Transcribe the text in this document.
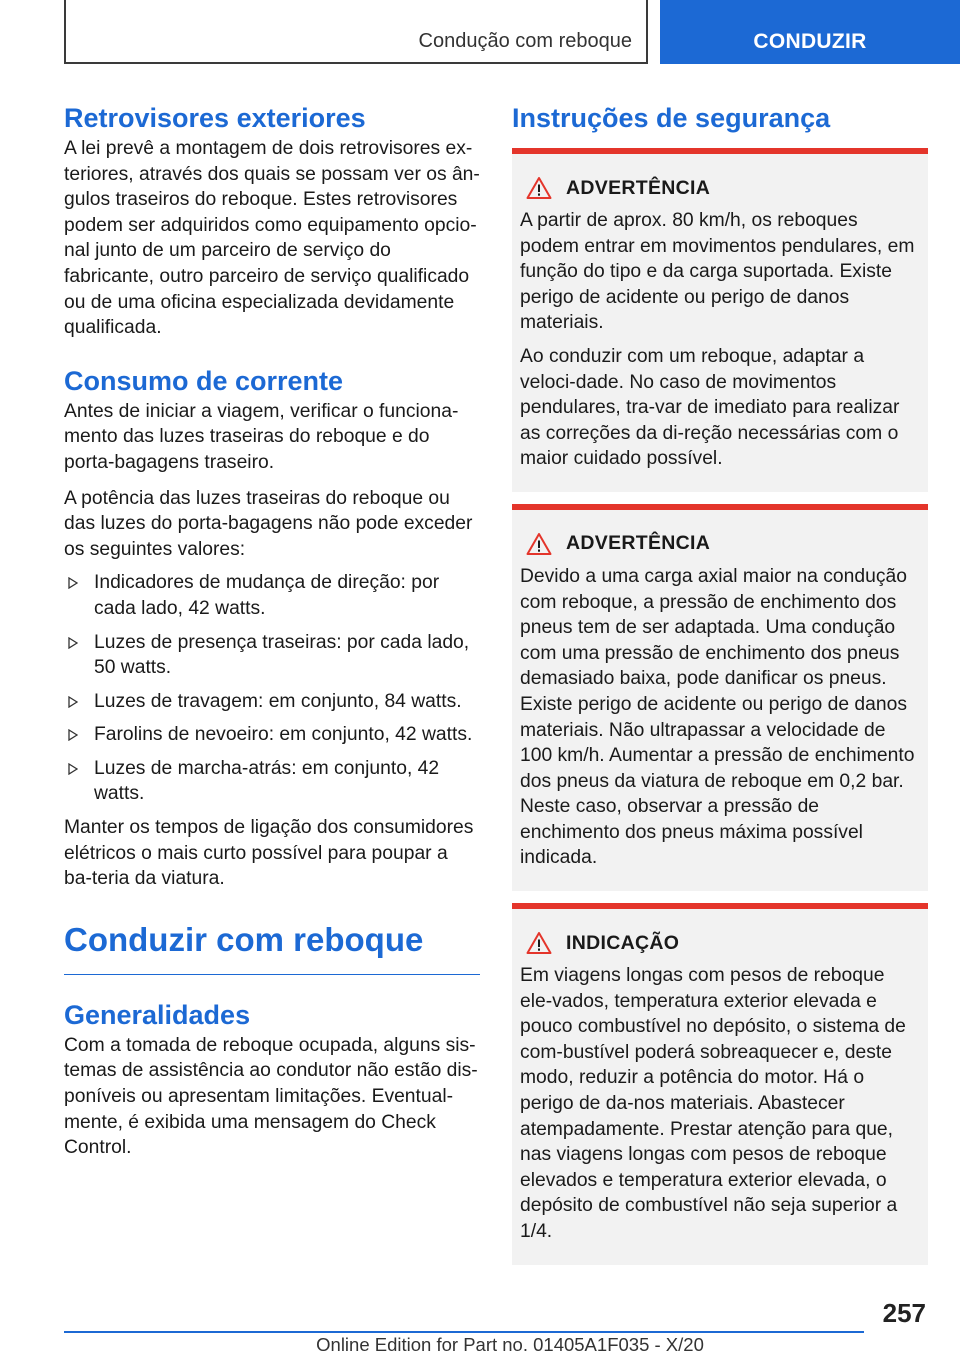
Condução com reboque	CONDUZIR
Retrovisores exteriores

A lei prevê a montagem de dois retrovisores ex-teriores, através dos quais se possam ver os ân-gulos traseiros do reboque. Estes retrovisores podem ser adquiridos como equipamento opcio-nal junto de um parceiro de serviço do fabricante, outro parceiro de serviço qualificado ou de uma oficina especializada devidamente qualificada.

Consumo de corrente

Antes de iniciar a viagem, verificar o funciona-mento das luzes traseiras do reboque e do porta-bagagens traseiro.

A potência das luzes traseiras do reboque ou das luzes do porta-bagagens não pode exceder os seguintes valores:

Indicadores de mudança de direção: por cada lado, 42 watts.
Luzes de presença traseiras: por cada lado, 50 watts.
Luzes de travagem: em conjunto, 84 watts.
Farolins de nevoeiro: em conjunto, 42 watts.
Luzes de marcha-atrás: em conjunto, 42 watts.

Manter os tempos de ligação dos consumidores elétricos o mais curto possível para poupar a ba-teria da viatura.

Conduzir com reboque
Generalidades

Com a tomada de reboque ocupada, alguns sis-temas de assistência ao condutor não estão dis-poníveis ou apresentam limitações. Eventual-mente, é exibida uma mensagem do Check Control.

Instruções de segurança
ADVERTÊNCIA

A partir de aprox. 80 km/h, os reboques podem entrar em movimentos pendulares, em função do tipo e da carga suportada. Existe perigo de acidente ou perigo de danos materiais.

Ao conduzir com um reboque, adaptar a veloci-dade. No caso de movimentos pendulares, tra-var de imediato para realizar as correções da di-reção necessárias com o maior cuidado possível.

ADVERTÊNCIA

Devido a uma carga axial maior na condução com reboque, a pressão de enchimento dos pneus tem de ser adaptada. Uma condução com uma pressão de enchimento dos pneus demasiado baixa, pode danificar os pneus. Existe perigo de acidente ou perigo de danos materiais. Não ultrapassar a velocidade de 100 km/h. Aumentar a pressão de enchimento dos pneus da viatura de reboque em 0,2 bar. Neste caso, observar a pressão de enchimento dos pneus máxima possível indicada.

INDICAÇÃO

Em viagens longas com pesos de reboque ele-vados, temperatura exterior elevada e pouco combustível no depósito, o sistema de com-bustível poderá sobreaquecer e, deste modo, reduzir a potência do motor. Há o perigo de da-nos materiais. Abastecer atempadamente. Prestar atenção para que, nas viagens longas com pesos de reboque elevados e temperatura exterior elevada, o depósito de combustível não seja superior a 1/4.

257
Online Edition for Part no. 01405A1F035 - X/20
